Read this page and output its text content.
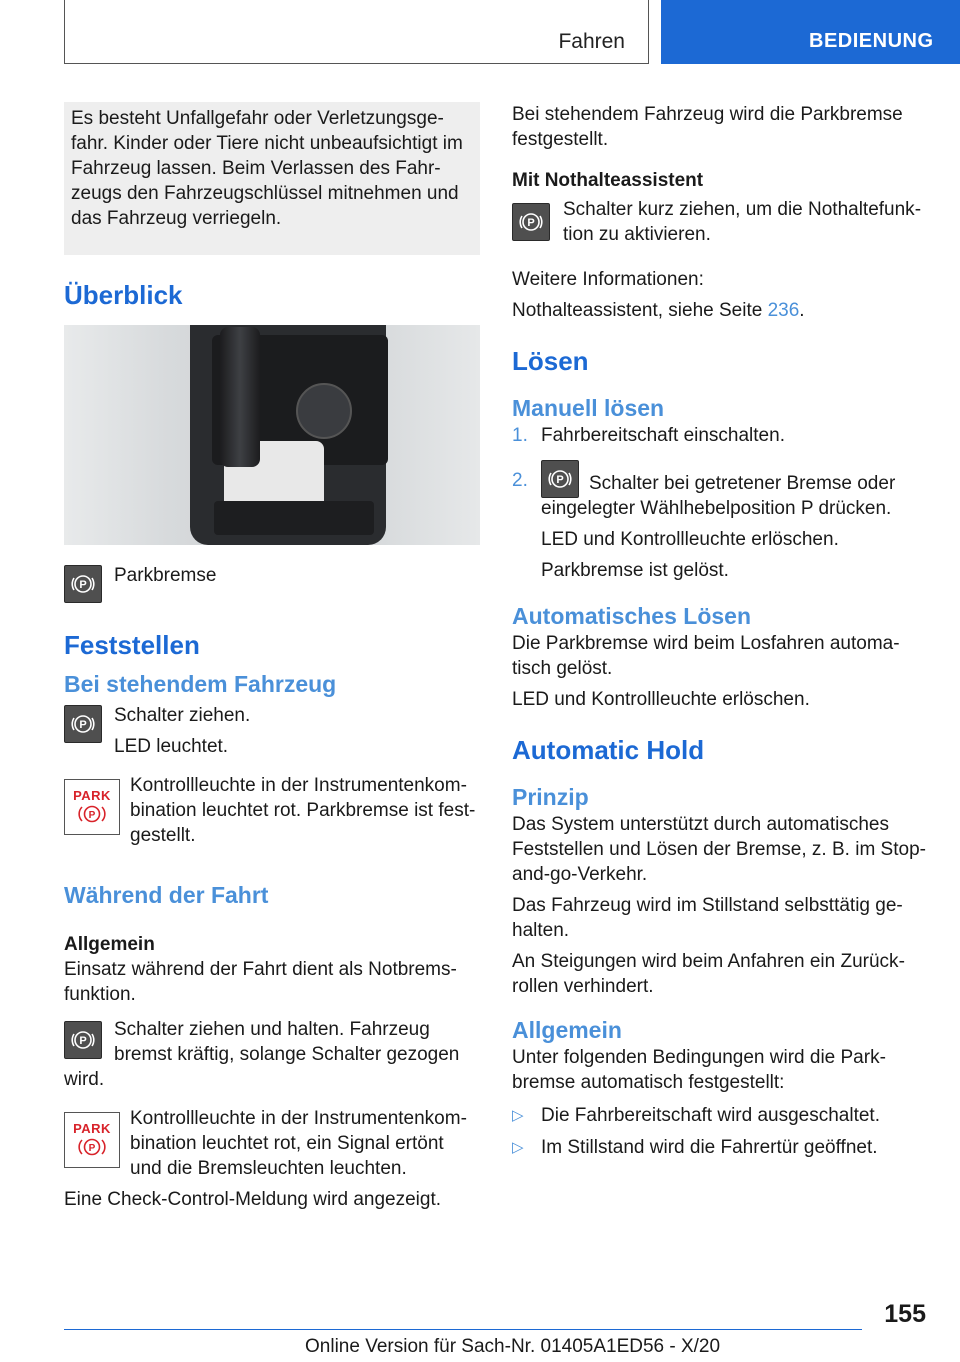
Fahren	BEDIENUNG

Es besteht Unfallgefahr oder Verletzungsgefahr. Kinder oder Tiere nicht unbeaufsichtigt im Fahrzeug lassen. Beim Verlassen des Fahrzeugs den Fahrzeugschlüssel mitnehmen und das Fahrzeug verriegeln.

Überblick
P Parkbremse

Feststellen
Bei stehendem Fahrzeug
P Schalter ziehen.

LED leuchtet.

PARK
P

Kontrollleuchte in der Instrumentenkombination leuchtet rot. Parkbremse ist festgestellt.

Während der Fahrt
Allgemein

Einsatz während der Fahrt dient als Notbremsfunktion.

P

Schalter ziehen und halten. Fahrzeug bremst kräftig, solange Schalter gezogen

wird.

PARK
P

Kontrollleuchte in der Instrumentenkombination leuchtet rot, ein Signal ertönt und die Bremsleuchten leuchten.

Eine Check-Control-Meldung wird angezeigt.

Bei stehendem Fahrzeug wird die Parkbremse festgestellt.

Mit Nothalteassistent
P

Schalter kurz ziehen, um die Nothaltefunktion zu aktivieren.

Weitere Informationen:

Nothalteassistent, siehe Seite 236.

Lösen
Manuell lösen
1. Fahrbereitschaft einschalten.
2.	P	Schalter bei getretener Bremse oder eingelegter Wählhebelposition P drücken.
LED und Kontrollleuchte erlöschen.
Parkbremse ist gelöst.
Automatisches Lösen

Die Parkbremse wird beim Losfahren automatisch gelöst.

LED und Kontrollleuchte erlöschen.

Automatic Hold
Prinzip

Das System unterstützt durch automatisches Feststellen und Lösen der Bremse, z. B. im Stop-and-go-Verkehr.

Das Fahrzeug wird im Stillstand selbsttätig gehalten.

An Steigungen wird beim Anfahren ein Zurückrollen verhindert.

Allgemein

Unter folgenden Bedingungen wird die Parkbremse automatisch festgestellt:

▷ Die Fahrbereitschaft wird ausgeschaltet.
▷ Im Stillstand wird die Fahrertür geöffnet.
155
Online Version für Sach-Nr. 01405A1ED56 - X/20
